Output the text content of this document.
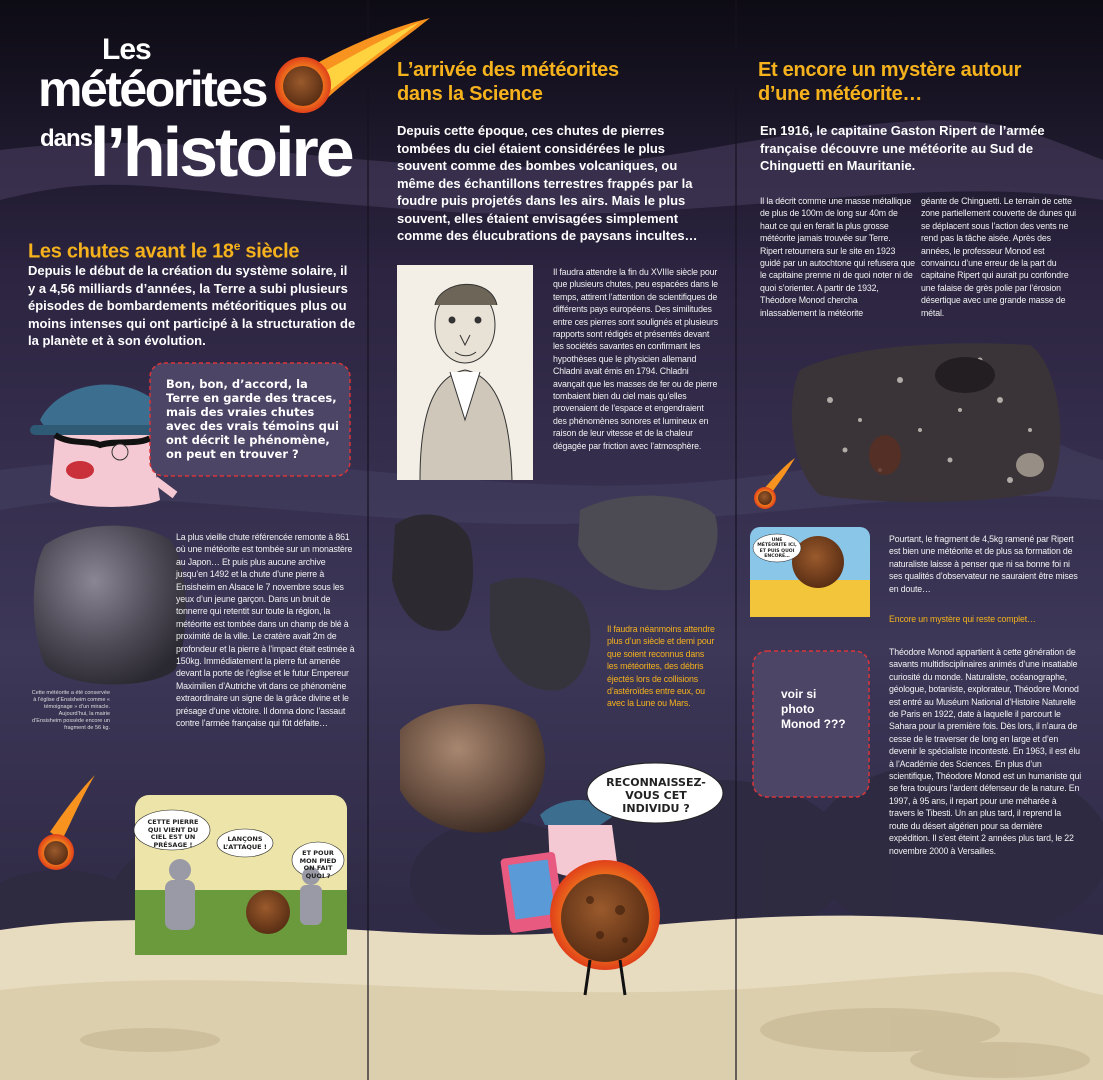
Les
météorites
dans
l’histoire
Les chutes avant le 18e siècle
Depuis le début de la création du système solaire, il y a 4,56 milliards d’années, la Terre a subi plusieurs épisodes de bombardements météoritiques plus ou moins intenses qui ont participé à la structuration de la planète et à son évolution.
Bon, bon, d’accord, la Terre en garde des traces, mais des vraies chutes avec des vrais témoins qui ont décrit le phénomène, on peut en trouver ?
La plus vieille chute référencée remonte à 861 où une météorite est tombée sur un monastère au Japon… Et puis plus aucune archive jusqu’en 1492 et la chute d’une pierre à Ensisheim en Alsace le 7 novembre sous les yeux d’un jeune garçon. Dans un bruit de tonnerre qui retentit sur toute la région, la météorite est tombée dans un champ de blé à proximité de la ville. Le cratère avait 2m de profondeur et la pierre à l’impact était estimée à 150kg. Immédiatement la pierre fut amenée devant la porte de l’église et le futur Empereur Maximilien d’Autriche vit dans ce phénomène extraordinaire un signe de la grâce divine et le présage d’une victoire. Il donna donc l’assaut contre l’armée française qui fût défaite…
Cette météorite a été conservée à l’église d’Ensisheim comme « témoignage » d’un miracle. Aujourd’hui, la mairie d’Ensisheim possède encore un fragment de 56 kg.
CETTE PIERRE QUI VIENT DU CIEL EST UN PRÉSAGE !
LANÇONS L’ATTAQUE !
ET POUR MON PIED ON FAIT QUOI ?
L’arrivée des météorites dans la Science
Depuis cette époque, ces chutes de pierres tombées du ciel étaient considérées le plus souvent comme des bombes volcaniques, ou même des échantillons terrestres frappés par la foudre puis projetés dans les airs. Mais le plus souvent, elles étaient envisagées simplement comme des élucubrations de paysans incultes…
Il faudra attendre la fin du XVIIIe siècle pour que plusieurs chutes, peu espacées dans le temps, attirent l’attention de scientifiques de différents pays européens. Des similitudes entre ces pierres sont soulignés et plusieurs rapports sont rédigés et présentés devant les sociétés savantes en confirmant les hypothèses que le physicien allemand Chladni avait émis en 1794. Chladni avançait que les masses de fer ou de pierre tombaient bien du ciel mais qu’elles provenaient de l’espace et engendraient des phénomènes sonores et lumineux en raison de leur vitesse et de la chaleur dégagée par friction avec l’atmosphère.
Il faudra néanmoins attendre plus d’un siècle et demi pour que soient reconnus dans les météorites, des débris éjectés lors de collisions d’astéroïdes entre eux, ou avec la Lune ou Mars.
RECONNAISSEZ-VOUS CET INDIVIDU ?
Et encore un mystère autour d’une météorite…
En 1916, le capitaine Gaston Ripert de l’armée française découvre une météorite au Sud de Chinguetti en Mauritanie.
Il la décrit comme une masse métallique de plus de 100m de long sur 40m de haut ce qui en ferait la plus grosse météorite jamais trouvée sur Terre. Ripert retournera sur le site en 1923 guidé par un autochtone qui refusera que le capitaine prenne ni de quoi noter ni de quoi s’orienter. A partir de 1932, Théodore Monod chercha inlassablement la météorite
géante de Chinguetti. Le terrain de cette zone partiellement couverte de dunes qui se déplacent sous l’action des vents ne rend pas la tâche aisée. Après des années, le professeur Monod est convaincu d’une erreur de la part du capitaine Ripert qui aurait pu confondre une falaise de grès polie par l’érosion désertique avec une grande masse de métal.
UNE MÉTÉORITE ICI, ET PUIS QUOI ENCORE…
Pourtant, le fragment de 4,5kg ramené par Ripert est bien une météorite et de plus sa formation de naturaliste laisse à penser que ni sa bonne foi ni ses qualités d’observateur ne sauraient être mises en doute…
Encore un mystère qui reste complet…
voir si photo Monod ???
Théodore Monod appartient à cette génération de savants multidisciplinaires animés d’une insatiable curiosité du monde. Naturaliste, océanographe, géologue, botaniste, explorateur, Théodore Monod est entré au Muséum National d’Histoire Naturelle de Paris en 1922, date à laquelle il parcourt le Sahara pour la première fois. Dès lors, il n’aura de cesse de le traverser de long en large et d’en devenir le spécialiste incontesté. En 1963, il est élu à l’Académie des Sciences. En plus d’un scientifique, Théodore Monod est un humaniste qui se fera toujours l’ardent défenseur de la nature. En 1997, à 95 ans, il repart pour une méharée à travers le Tibesti. Un an plus tard, il reprend la route du désert algérien pour sa dernière expédition. Il s’est éteint 2 années plus tard, le 22 novembre 2000 à Versailles.
